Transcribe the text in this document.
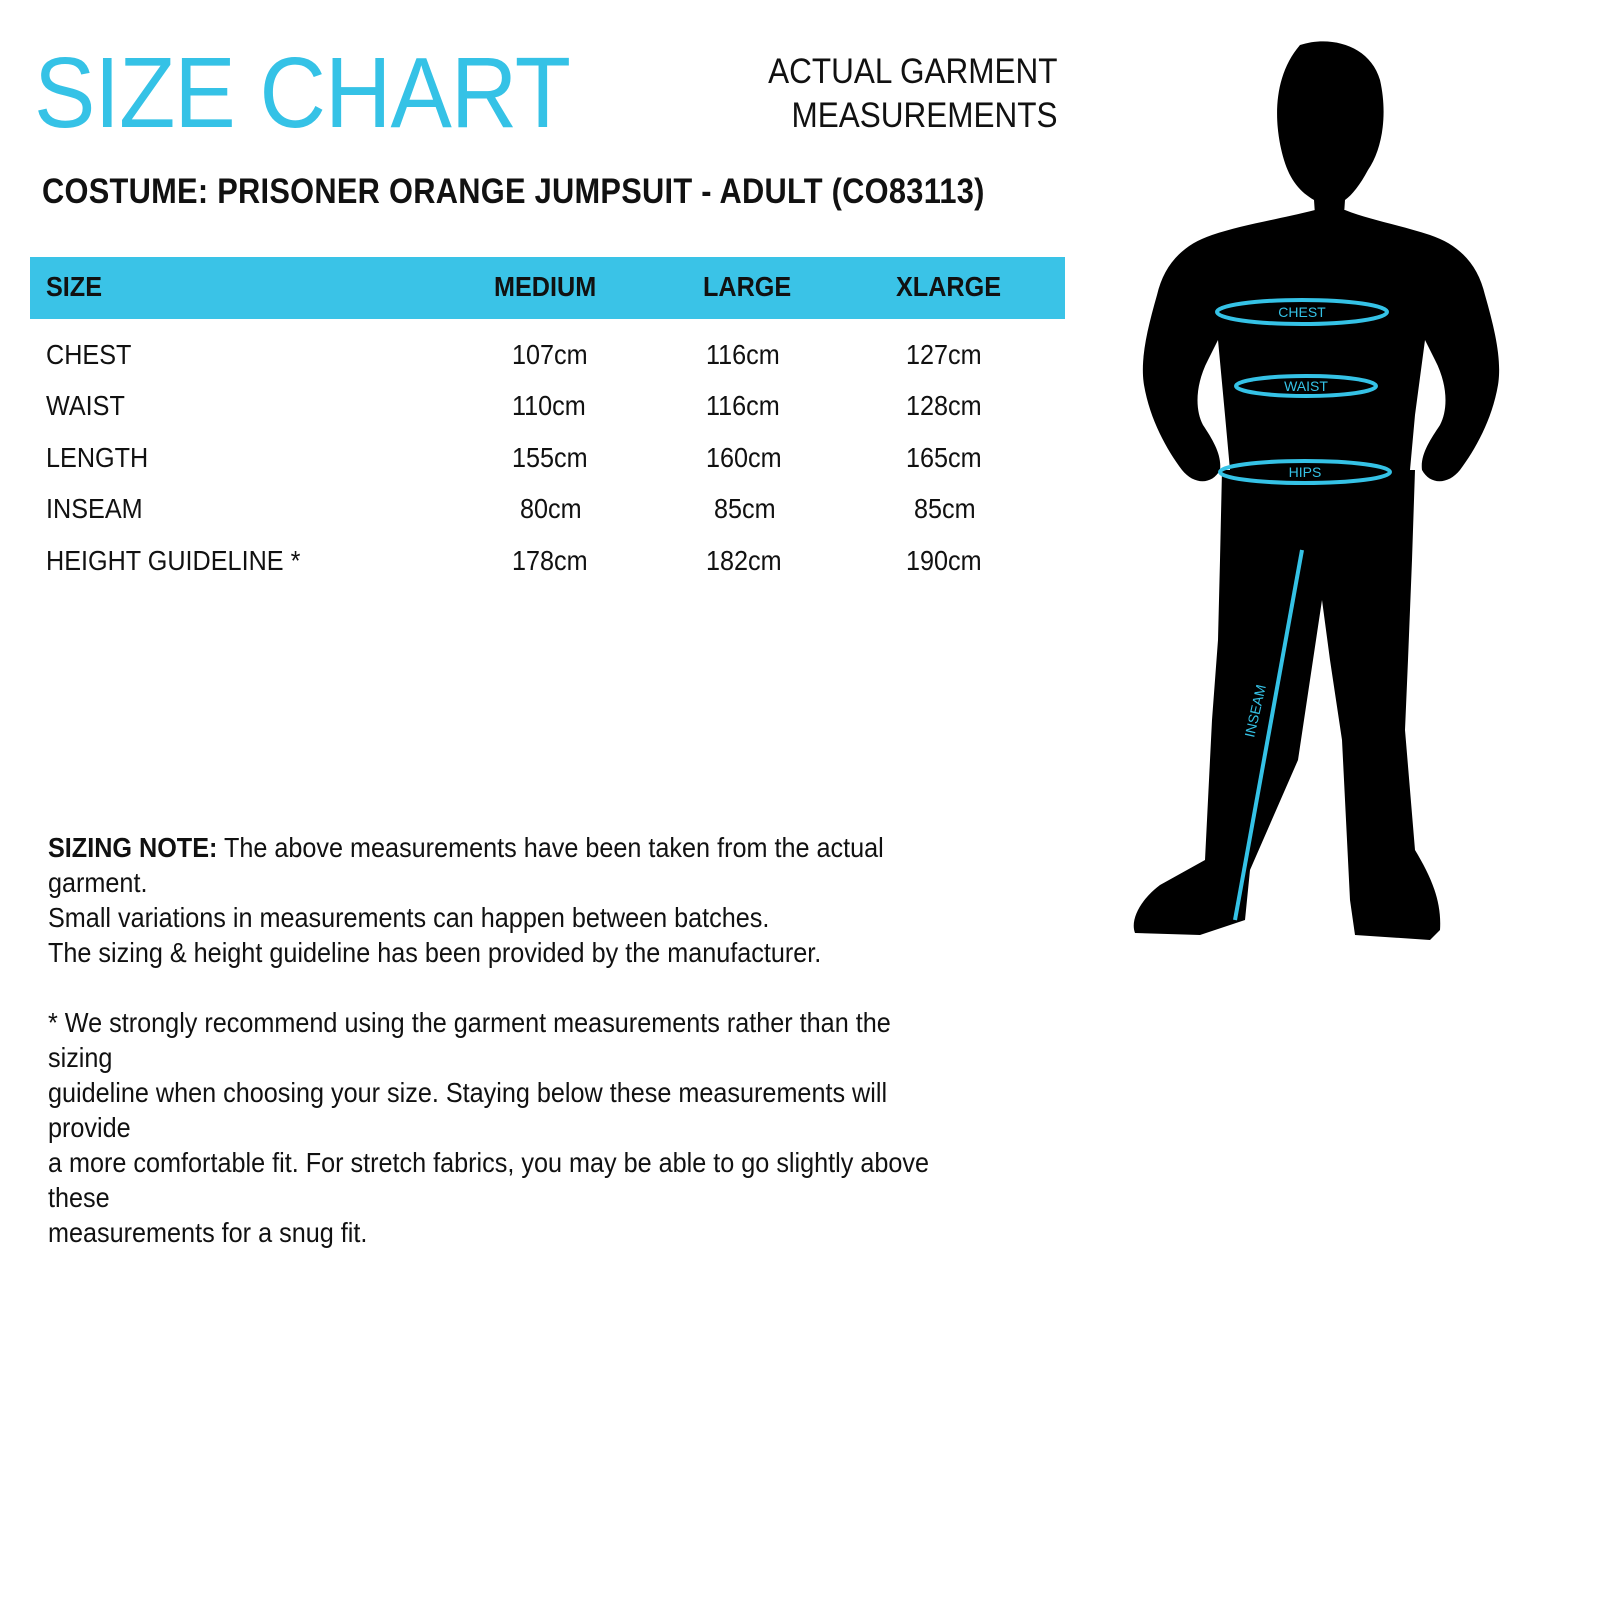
SIZE CHART	ACTUAL GARMENT
MEASUREMENTS
COSTUME: PRISONER ORANGE JUMPSUIT - ADULT (CO83113)
SIZE	MEDIUM	LARGE	XLARGE
CHEST	107cm	116cm	127cm
WAIST	110cm	116cm	128cm
LENGTH	155cm	160cm	165cm
INSEAM	80cm	85cm	85cm
HEIGHT GUIDELINE *	178cm	182cm	190cm

SIZING NOTE: The above measurements have been taken from the actual garment.

Small variations in measurements can happen between batches.

The sizing & height guideline has been provided by the manufacturer.

* We strongly recommend using the garment measurements rather than the sizing

guideline when choosing your size. Staying below these measurements will provide

a more comfortable fit. For stretch fabrics, you may be able to go slightly above these

measurements for a snug fit.

CHEST
WAIST
HIPS
INSEAM
